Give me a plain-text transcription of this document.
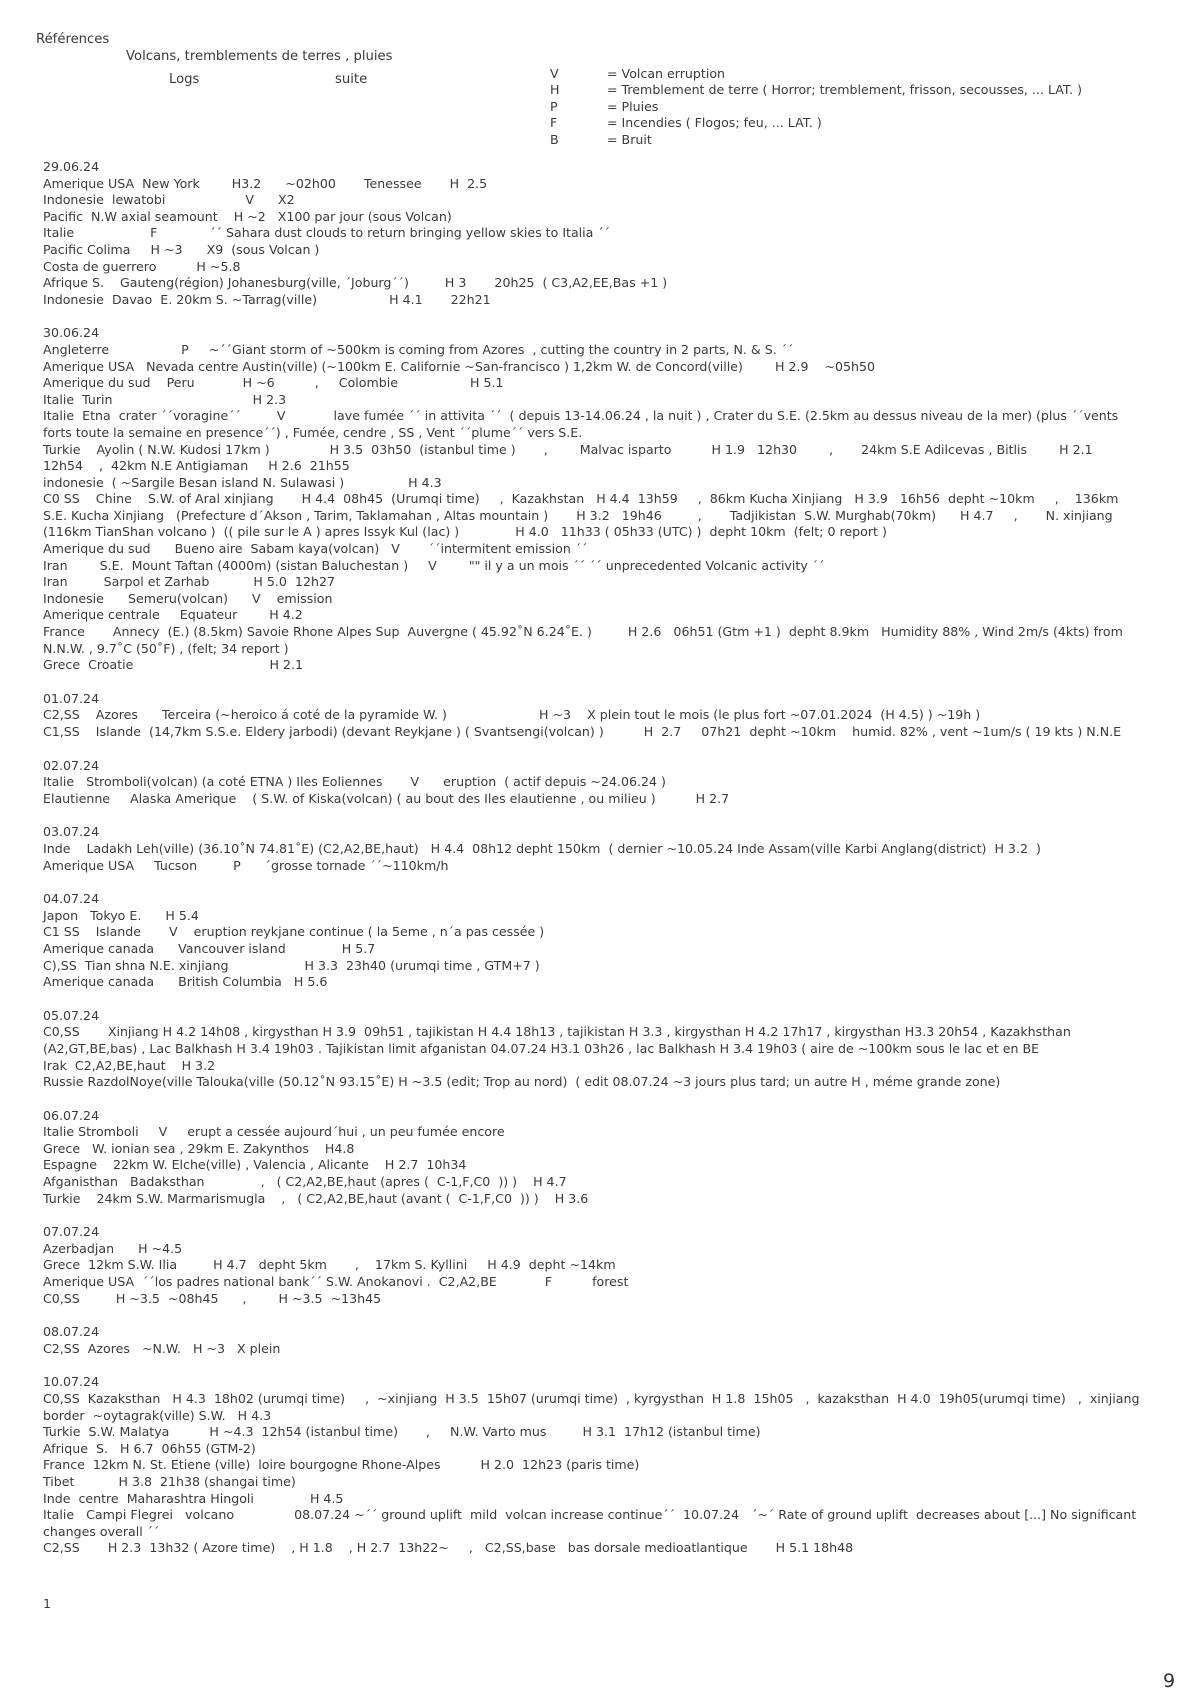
Références
Volcans, tremblements de terres , pluies
Logs	suite	V	= Volcan erruption
H	= Tremblement de terre ( Horror; tremblement, frisson, secousses, ... LAT. )
P	= Pluies
F	= Incendies ( Flogos; feu, ... LAT. )
B	= Bruit
29.06.24
Amerique USA  New York        H3.2      ~02h00       Tenessee       H  2.5
Indonesie  lewatobi                    V      X2
Pacific  N.W axial seamount    H ~2   X100 par jour (sous Volcan)
Italie                   F             ´´ Sahara dust clouds to return bringing yellow skies to Italia ´´
Pacific Colima     H ~3      X9  (sous Volcan )
Costa de guerrero          H ~5.8
Afrique S.    Gauteng(région) Johanesburg(ville, ´Joburg´´)         H 3       20h25  ( C3,A2,EE,Bas +1 )
Indonesie  Davao  E. 20km S. ~Tarrag(ville)                  H 4.1       22h21
30.06.24
Angleterre                  P     ~´´Giant storm of ~500km is coming from Azores  , cutting the country in 2 parts, N. & S. ´´
Amerique USA   Nevada centre Austin(ville) (~100km E. Californie ~San-francisco ) 1,2km W. de Concord(ville)        H 2.9    ~05h50
Amerique du sud    Peru            H ~6          ,     Colombie                  H 5.1
Italie  Turin                                   H 2.3
Italie  Etna  crater ´´voragine´´         V            lave fumée ´´ in attivita ´´  ( depuis 13-14.06.24 , la nuit ) , Crater du S.E. (2.5km au dessus niveau de la mer) (plus ´´vents forts toute la semaine en presence´´) , Fumée, cendre , SS , Vent ´´plume´´ vers S.E.
Turkie    Ayolin ( N.W. Kudosi 17km )               H 3.5  03h50  (istanbul time )       ,        Malvac isparto          H 1.9   12h30        ,       24km S.E Adilcevas , Bitlis        H 2.1    12h54    ,  42km N.E Antigiaman     H 2.6  21h55
indonesie  ( ~Sargile Besan island N. Sulawasi )                H 4.3
C0 SS    Chine    S.W. of Aral xinjiang       H 4.4  08h45  (Urumqi time)     ,  Kazakhstan   H 4.4  13h59     ,  86km Kucha Xinjiang   H 3.9   16h56  depht ~10km     ,    136km S.E. Kucha Xinjiang   (Prefecture d´Akson , Tarim, Taklamahan , Altas mountain )       H 3.2   19h46         ,       Tadjikistan  S.W. Murghab(70km)      H 4.7     ,       N. xinjiang  (116km TianShan volcano )  (( pile sur le A ) apres Issyk Kul (lac) )              H 4.0   11h33 ( 05h33 (UTC) )  depht 10km  (felt; 0 report )
Amerique du sud      Bueno aire  Sabam kaya(volcan)   V       ´´intermitent emission ´´
Iran        S.E.  Mount Taftan (4000m) (sistan Baluchestan )     V        "" il y a un mois ´´ ´´ unprecedented Volcanic activity ´´
Iran         Sarpol et Zarhab           H 5.0  12h27
Indonesie      Semeru(volcan)      V    emission
Amerique centrale     Equateur        H 4.2
France       Annecy  (E.) (8.5km) Savoie Rhone Alpes Sup  Auvergne ( 45.92˚N 6.24˚E. )         H 2.6   06h51 (Gtm +1 )  depht 8.9km   Humidity 88% , Wind 2m/s (4kts) from N.N.W. , 9.7˚C (50˚F) , (felt; 34 report )
Grece  Croatie                                  H 2.1
01.07.24
C2,SS    Azores      Terceira (~heroico á coté de la pyramide W. )                       H ~3    X plein tout le mois (le plus fort ~07.01.2024  (H 4.5) ) ~19h )
C1,SS    Islande  (14,7km S.S.e. Eldery jarbodi) (devant Reykjane ) ( Svantsengi(volcan) )          H  2.7     07h21  depht ~10km    humid. 82% , vent ~1um/s ( 19 kts ) N.N.E
02.07.24
Italie   Stromboli(volcan) (a coté ETNA ) Iles Eoliennes       V      eruption  ( actif depuis ~24.06.24 )
Elautienne     Alaska Amerique    ( S.W. of Kiska(volcan) ( au bout des Iles elautienne , ou milieu )          H 2.7
03.07.24
Inde    Ladakh Leh(ville) (36.10˚N 74.81˚E) (C2,A2,BE,haut)   H 4.4  08h12 depht 150km  ( dernier ~10.05.24 Inde Assam(ville Karbi Anglang(district)  H 3.2  )
Amerique USA     Tucson         P      ´grosse tornade ´´~110km/h
04.07.24
Japon   Tokyo E.      H 5.4
C1 SS    Islande       V    eruption reykjane continue ( la 5eme , n´a pas cessée )
Amerique canada      Vancouver island              H 5.7
C),SS  Tian shna N.E. xinjiang                   H 3.3  23h40 (urumqi time , GTM+7 )
Amerique canada      British Columbia   H 5.6
05.07.24
C0,SS       Xinjiang H 4.2 14h08 , kirgysthan H 3.9  09h51 , tajikistan H 4.4 18h13 , tajikistan H 3.3 , kirgysthan H 4.2 17h17 , kirgysthan H3.3 20h54 , Kazakhsthan (A2,GT,BE,bas) , Lac Balkhash H 3.4 19h03 . Tajikistan limit afganistan 04.07.24 H3.1 03h26 , lac Balkhash H 3.4 19h03 ( aire de ~100km sous le lac et en BE
Irak  C2,A2,BE,haut    H 3.2
Russie RazdolNoye(ville Talouka(ville (50.12˚N 93.15˚E) H ~3.5 (edit; Trop au nord)  ( edit 08.07.24 ~3 jours plus tard; un autre H , méme grande zone)
06.07.24
Italie Stromboli     V     erupt a cessée aujourd´hui , un peu fumée encore
Grece   W. ionian sea , 29km E. Zakynthos    H4.8
Espagne    22km W. Elche(ville) , Valencia , Alicante    H 2.7  10h34
Afganisthan   Badaksthan              ,   ( C2,A2,BE,haut (apres (  C-1,F,C0  )) )    H 4.7
Turkie    24km S.W. Marmarismugla    ,   ( C2,A2,BE,haut (avant (  C-1,F,C0  )) )    H 3.6
07.07.24
Azerbadjan      H ~4.5
Grece  12km S.W. Ilia         H 4.7   depht 5km       ,    17km S. Kyllini     H 4.9  depht ~14km
Amerique USA  ´´los padres national bank´´ S.W. Anokanovi .  C2,A2,BE            F          forest
C0,SS         H ~3.5  ~08h45      ,        H ~3.5  ~13h45
08.07.24
C2,SS  Azores   ~N.W.   H ~3   X plein
10.07.24
C0,SS  Kazaksthan   H 4.3  18h02 (urumqi time)     ,  ~xinjiang  H 3.5  15h07 (urumqi time)  , kyrgysthan  H 1.8  15h05   ,  kazaksthan  H 4.0  19h05(urumqi time)   ,  xinjiang border  ~oytagrak(ville) S.W.   H 4.3
Turkie  S.W. Malatya          H ~4.3  12h54 (istanbul time)       ,     N.W. Varto mus         H 3.1  17h12 (istanbul time)
Afrique  S.   H 6.7  06h55 (GTM-2)
France  12km N. St. Etiene (ville)  loire bourgogne Rhone-Alpes          H 2.0  12h23 (paris time)
Tibet           H 3.8  21h38 (shangai time)
Inde  centre  Maharashtra Hingoli              H 4.5
Italie   Campi Flegrei   volcano               08.07.24 ~´´ ground uplift  mild  volcan increase continue´´  10.07.24   ´~´ Rate of ground uplift  decreases about [...] No significant changes overall ´´
C2,SS       H 2.3  13h32 ( Azore time)    , H 1.8    , H 2.7  13h22~     ,   C2,SS,base   bas dorsale medioatlantique       H 5.1 18h48
1
9
